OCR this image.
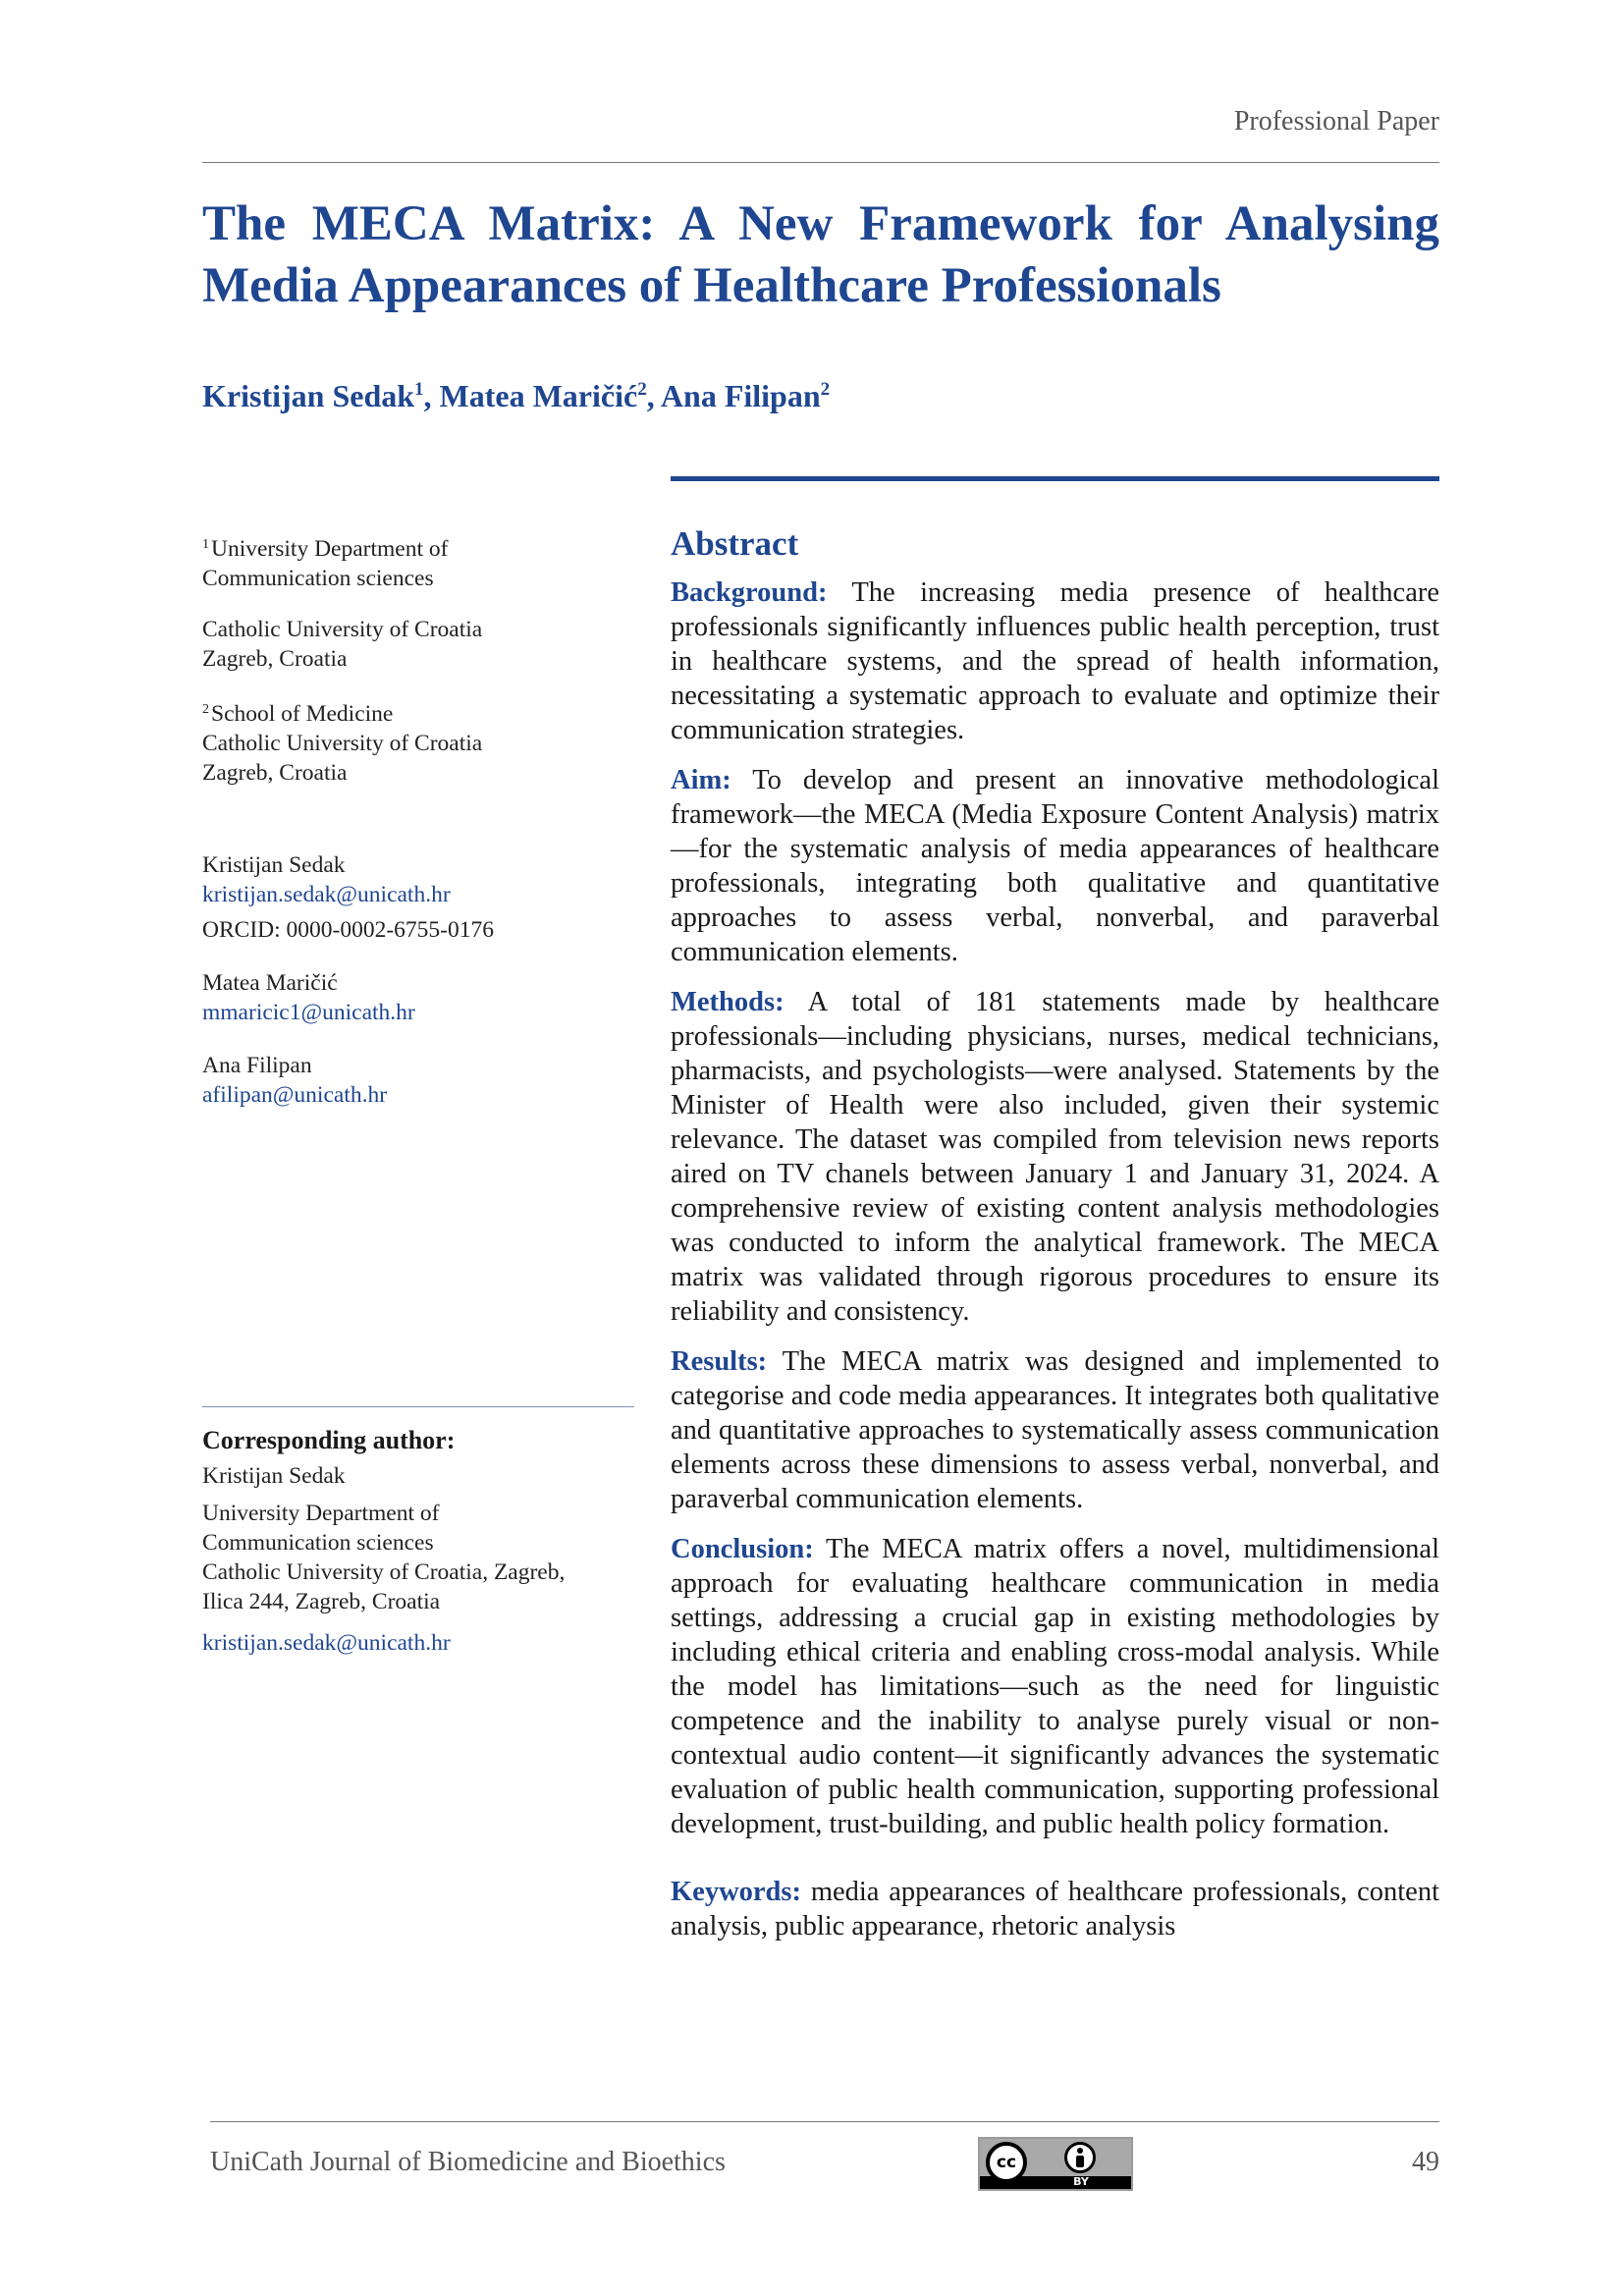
Professional Paper
The MECA Matrix: A New Framework for Analysing
Media Appearances of Healthcare Professionals
Kristijan Sedak$^1$, Matea Maričić$^2$, Ana Filipan$^2$
$^1$University Department of
Communication sciences
Catholic University of Croatia
Zagreb, Croatia
$^2$School of Medicine
Catholic University of Croatia
Zagreb, Croatia
Kristijan Sedak
kristijan.sedak@unicath.hr
ORCID: 0000-0002-6755-0176
Matea Maričić
mmaricic1@unicath.hr
Ana Filipan
afilipan@unicath.hr
Corresponding author:
Kristijan Sedak
University Department of
Communication sciences
Catholic University of Croatia, Zagreb,
Ilica 244, Zagreb, Croatia
kristijan.sedak@unicath.hr
Abstract

Background: The increasing media presence of healthcare professionals significantly influences public health perception, trust in healthcare systems, and the spread of health information, necessitating a systematic approach to evaluate and optimize their communication strategies.

Aim: To develop and present an innovative methodological framework—the MECA (Media Exposure Content Analysis) matrix—for the systematic analysis of media appearances of healthcare professionals, integrating both qualitative and quantitative approaches to assess verbal, nonverbal, and paraverbal communication elements.

Methods: A total of 181 statements made by healthcare professionals—including physicians, nurses, medical technicians, pharmacists, and psychologists—were analysed. Statements by the Minister of Health were also included, given their systemic relevance. The dataset was compiled from television news reports aired on TV chanels between January 1 and January 31, 2024. A comprehensive review of existing content analysis methodologies was conducted to inform the analytical framework. The MECA matrix was validated through rigorous procedures to ensure its reliability and consistency.

Results: The MECA matrix was designed and implemented to categorise and code media appearances. It integrates both qualitative and quantitative approaches to systematically assess communication elements across these dimensions to assess verbal, nonverbal, and paraverbal communication elements.

Conclusion: The MECA matrix offers a novel, multidimensional approach for evaluating healthcare communication in media settings, addressing a crucial gap in existing methodologies by including ethical criteria and enabling cross-modal analysis. While the model has limitations—such as the need for linguistic competence and the inability to analyse purely visual or non-contextual audio content—it significantly advances the systematic evaluation of public health communication, supporting professional development, trust-building, and public health policy formation.

Keywords: media appearances of healthcare professionals, content analysis, public appearance, rhetoric analysis

UniCath Journal of Biomedicine and Bioethics	cc
BY
49
